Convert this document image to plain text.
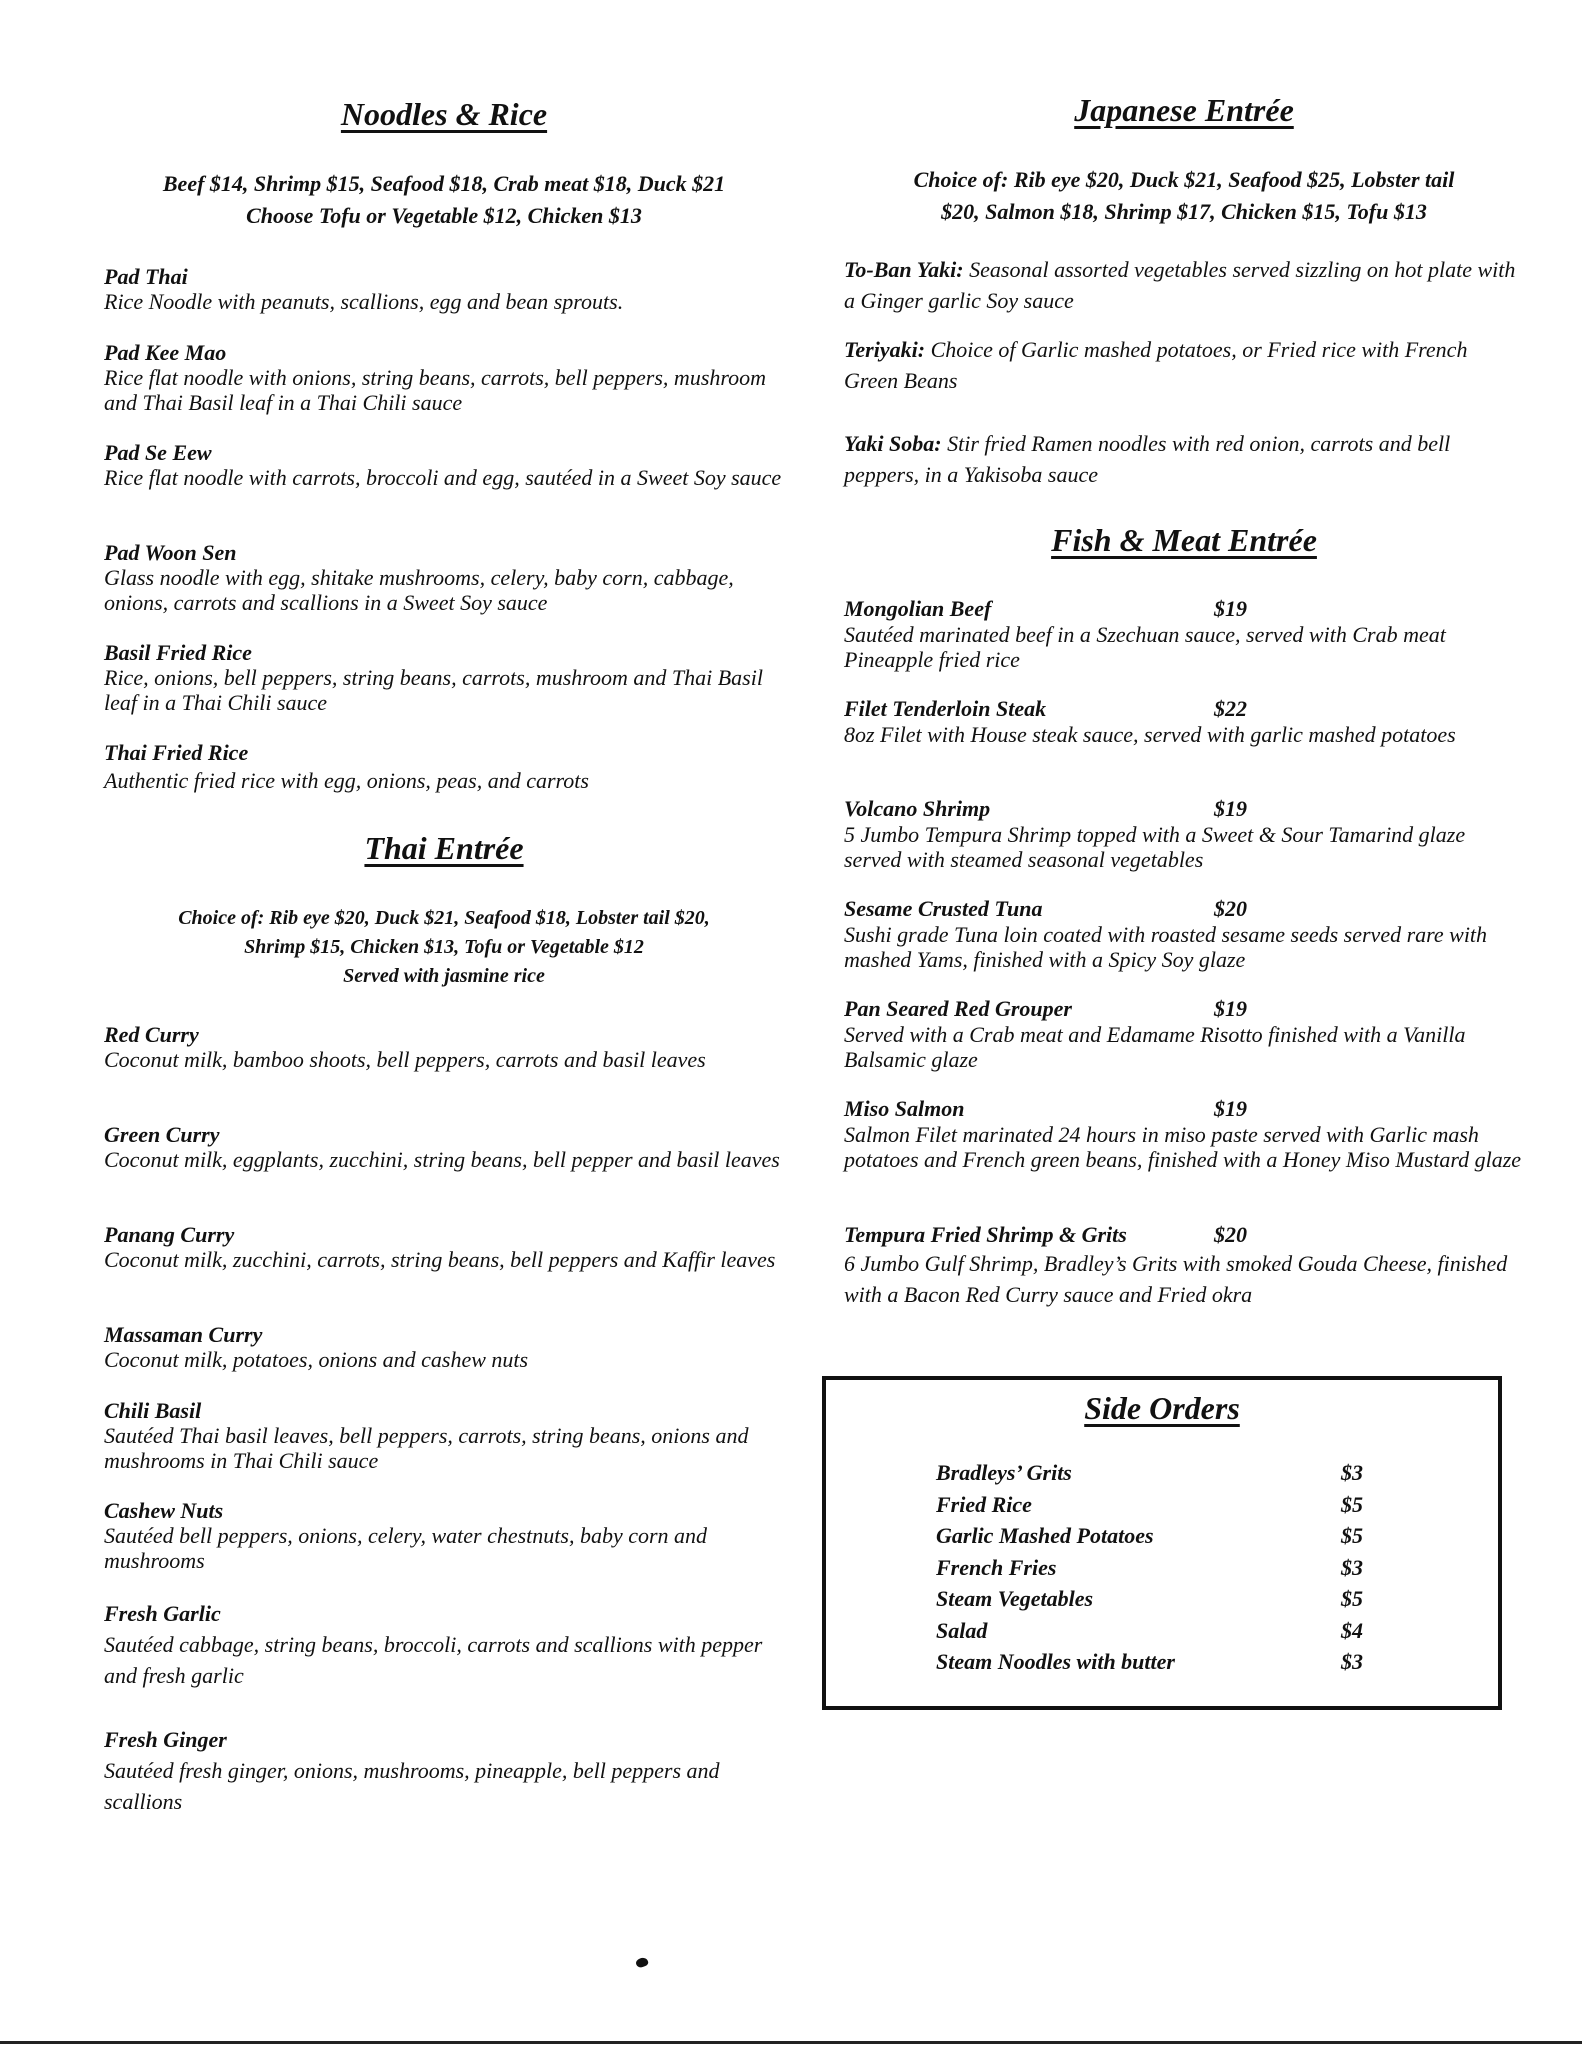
Noodles & Rice
Beef $14, Shrimp $15, Seafood $18, Crab meat $18, Duck $21
Choose Tofu or Vegetable $12, Chicken $13
Pad Thai
Rice Noodle with peanuts, scallions, egg and bean sprouts.
Pad Kee Mao
Rice flat noodle with onions, string beans, carrots, bell peppers, mushroom and Thai Basil leaf in a Thai Chili sauce
Pad Se Eew
Rice flat noodle with carrots, broccoli and egg, sautéed in a Sweet Soy sauce
Pad Woon Sen
Glass noodle with egg, shitake mushrooms, celery, baby corn, cabbage, onions, carrots and scallions in a Sweet Soy sauce
Basil Fried Rice
Rice, onions, bell peppers, string beans, carrots, mushroom and Thai Basil leaf in a Thai Chili sauce
Thai Fried Rice
Authentic fried rice with egg, onions, peas, and carrots
Thai Entrée
Choice of: Rib eye $20, Duck $21, Seafood $18, Lobster tail $20,
Shrimp $15, Chicken $13, Tofu or Vegetable $12
Served with jasmine rice
Red Curry
Coconut milk, bamboo shoots, bell peppers, carrots and basil leaves
Green Curry
Coconut milk, eggplants, zucchini, string beans, bell pepper and basil leaves
Panang Curry
Coconut milk, zucchini, carrots, string beans, bell peppers and Kaffir leaves
Massaman Curry
Coconut milk, potatoes, onions and cashew nuts
Chili Basil
Sautéed Thai basil leaves, bell peppers, carrots, string beans, onions and mushrooms in Thai Chili sauce
Cashew Nuts
Sautéed bell peppers, onions, celery, water chestnuts, baby corn and mushrooms
Fresh Garlic
Sautéed cabbage, string beans, broccoli, carrots and scallions with pepper and fresh garlic
Fresh Ginger
Sautéed fresh ginger, onions, mushrooms, pineapple, bell peppers and scallions
Japanese Entrée
Choice of: Rib eye $20, Duck $21, Seafood $25, Lobster tail
$20, Salmon $18, Shrimp $17, Chicken $15, Tofu $13
To-Ban Yaki: Seasonal assorted vegetables served sizzling on hot plate with a Ginger garlic Soy sauce
Teriyaki: Choice of Garlic mashed potatoes, or Fried rice with French Green Beans
Yaki Soba: Stir fried Ramen noodles with red onion, carrots and bell peppers, in a Yakisoba sauce
Fish & Meat Entrée
Mongolian Beef	$19
Sautéed marinated beef in a Szechuan sauce, served with Crab meat Pineapple fried rice
Filet Tenderloin Steak	$22
8oz Filet with House steak sauce, served with garlic mashed potatoes
Volcano Shrimp	$19
5 Jumbo Tempura Shrimp topped with a Sweet & Sour Tamarind glaze served with steamed seasonal vegetables
Sesame Crusted Tuna	$20
Sushi grade Tuna loin coated with roasted sesame seeds served rare with mashed Yams, finished with a Spicy Soy glaze
Pan Seared Red Grouper	$19
Served with a Crab meat and Edamame Risotto finished with a Vanilla Balsamic glaze
Miso Salmon	$19
Salmon Filet marinated 24 hours in miso paste served with Garlic mash potatoes and French green beans, finished with a Honey Miso Mustard glaze
Tempura Fried Shrimp & Grits	$20
6 Jumbo Gulf Shrimp, Bradley’s Grits with smoked Gouda Cheese, finished with a Bacon Red Curry sauce and Fried okra
Side Orders
Bradleys’ Grits	$3
Fried Rice	$5
Garlic Mashed Potatoes	$5
French Fries	$3
Steam Vegetables	$5
Salad	$4
Steam Noodles with butter	$3
